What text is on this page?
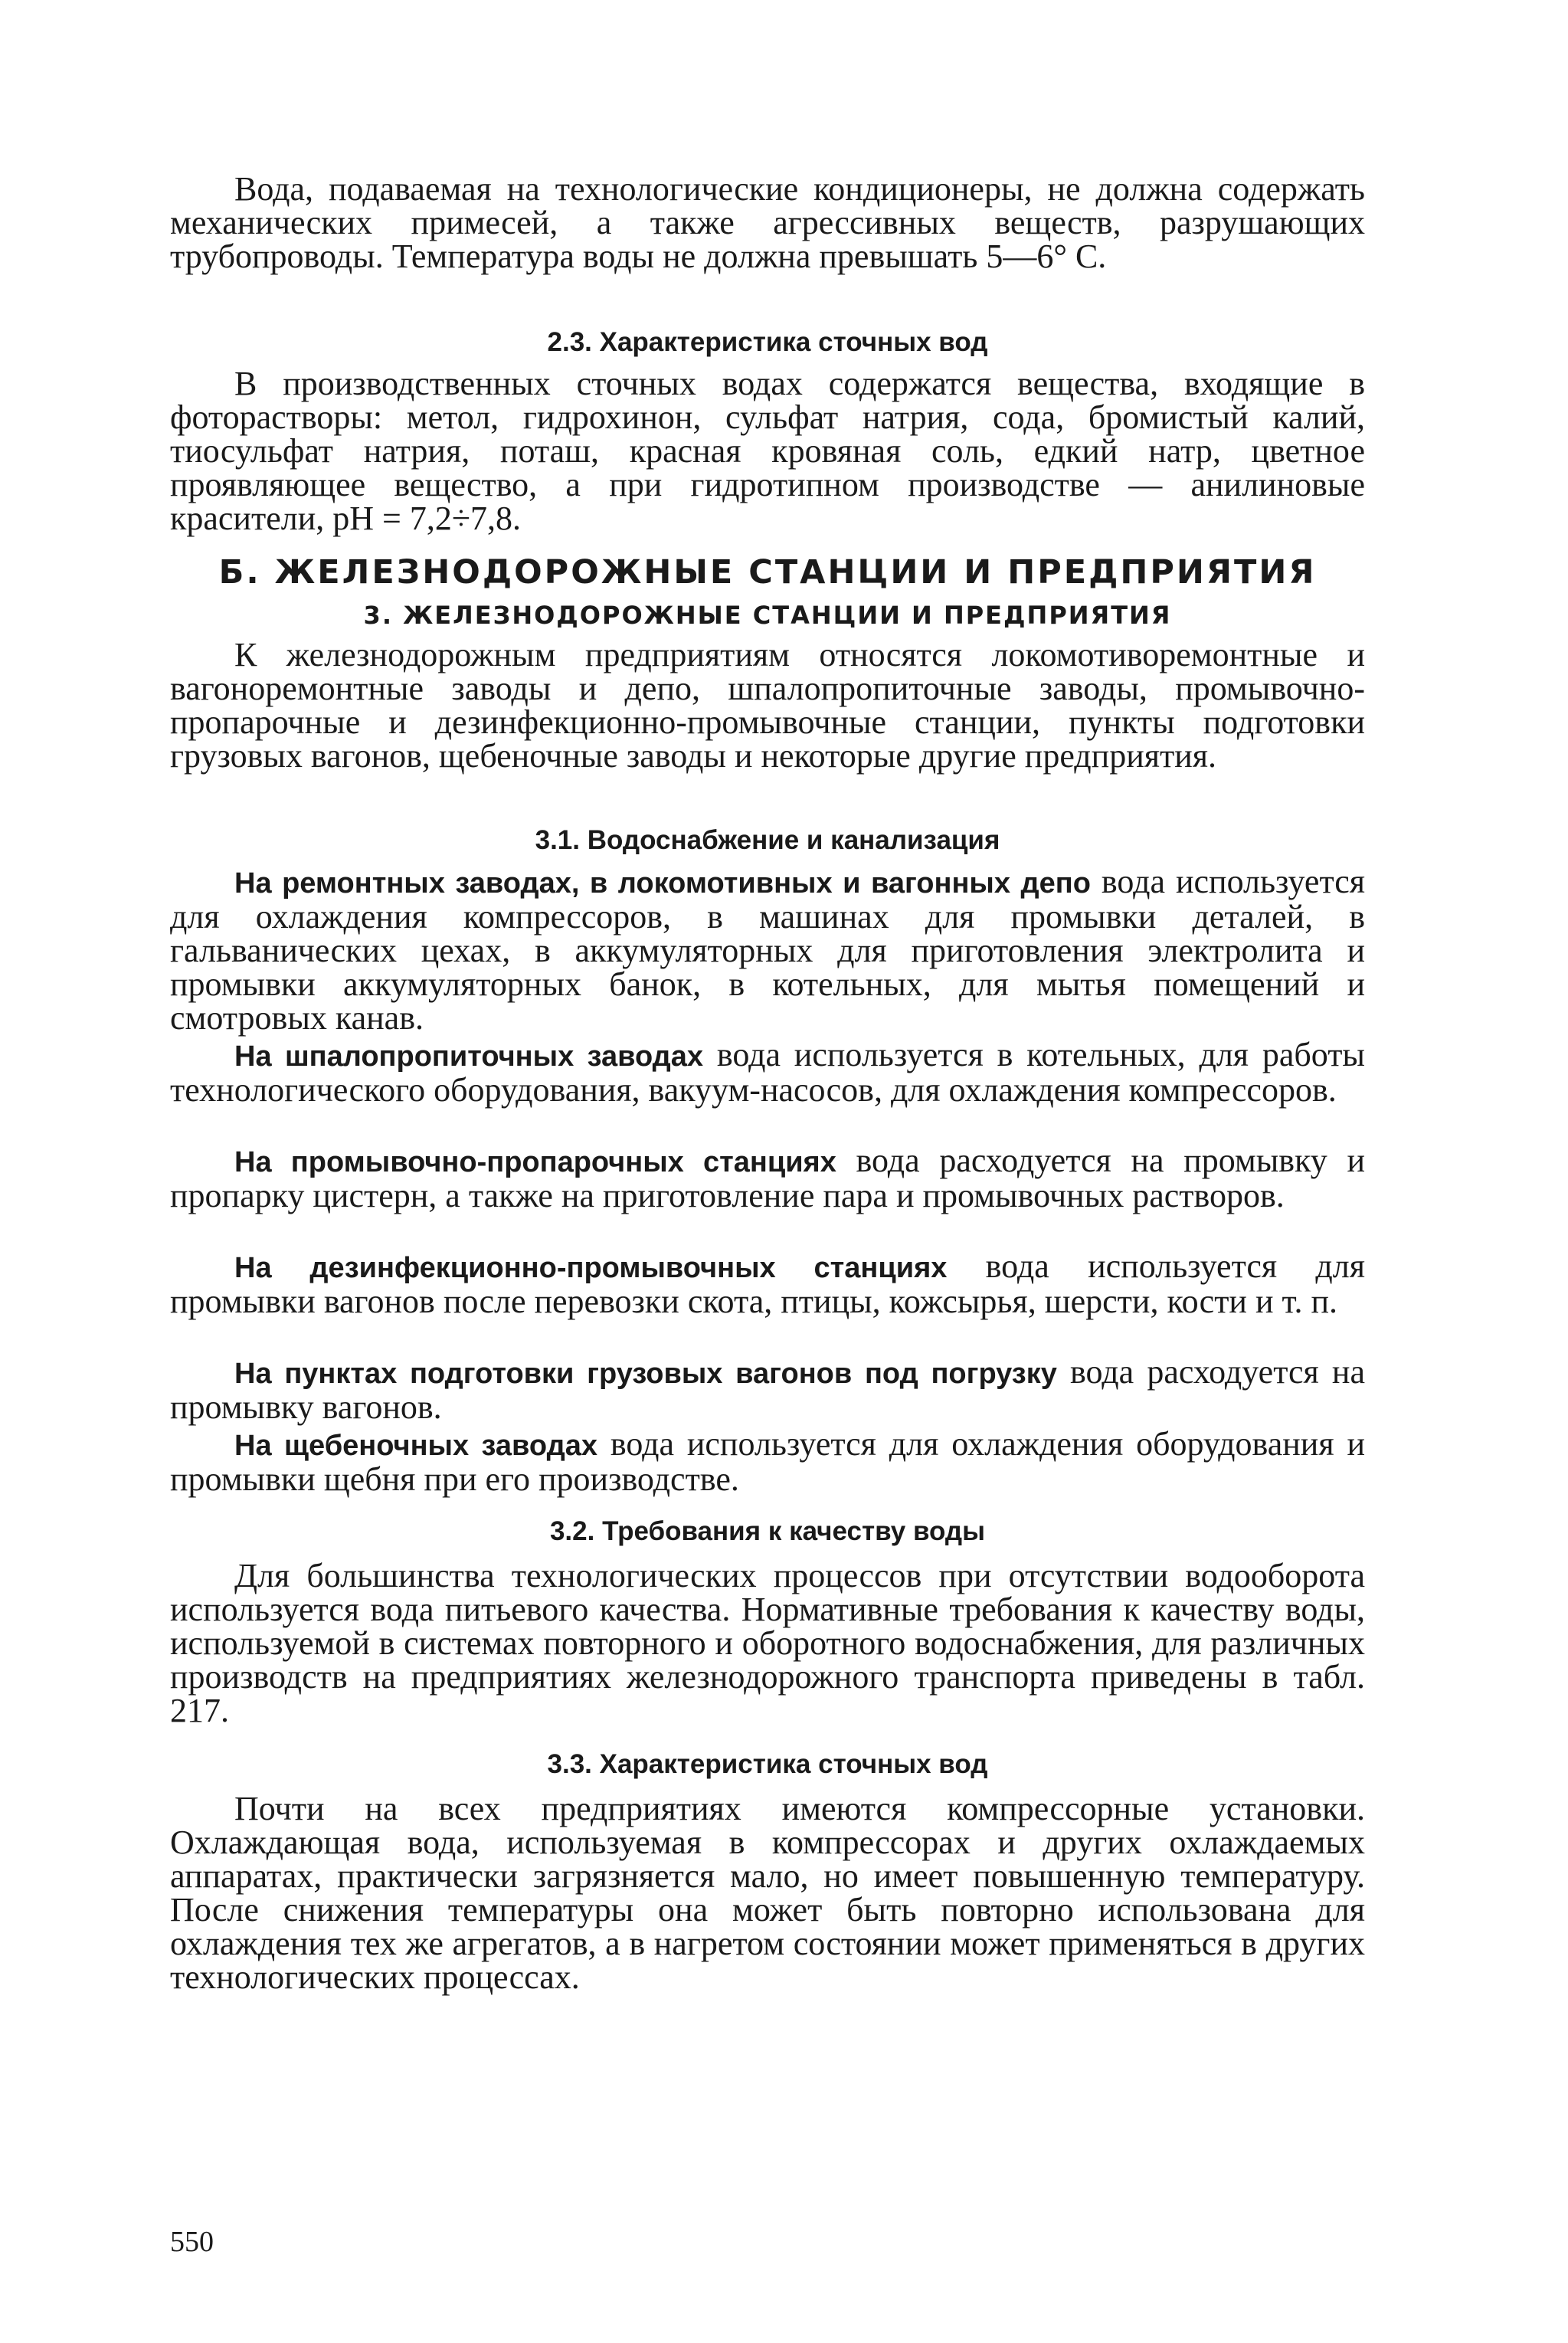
Вода, подаваемая на технологические кондиционеры, не должна содержать механических примесей, а также агрессивных веществ, разрушающих трубопроводы. Температура воды не должна превышать 5—6° С.

2.3. Характеристика сточных вод

В производственных сточных водах содержатся вещества, входящие в фоторастворы: метол, гидрохинон, сульфат натрия, сода, бромистый калий, тиосульфат натрия, поташ, красная кровяная соль, едкий натр, цветное проявляющее вещество, а при гидротипном производстве — анилиновые красители, рН = 7,2÷7,8.

Б. ЖЕЛЕЗНОДОРОЖНЫЕ СТАНЦИИ И ПРЕДПРИЯТИЯ
3. ЖЕЛЕЗНОДОРОЖНЫЕ СТАНЦИИ И ПРЕДПРИЯТИЯ

К железнодорожным предприятиям относятся локомотиворемонтные и вагоноремонтные заводы и депо, шпалопропиточные заводы, промывочно-пропарочные и дезинфекционно-промывочные станции, пункты подготовки грузовых вагонов, щебеночные заводы и некоторые другие предприятия.

3.1. Водоснабжение и канализация

На ремонтных заводах, в локомотивных и вагонных депо вода используется для охлаждения компрессоров, в машинах для промывки деталей, в гальванических цехах, в аккумуляторных для приготовления электролита и промывки аккумуляторных банок, в котельных, для мытья помещений и смотровых канав.

На шпалопропиточных заводах вода используется в котельных, для работы технологического оборудования, вакуум-насосов, для охлаждения компрессоров.

На промывочно-пропарочных станциях вода расходуется на промывку и пропарку цистерн, а также на приготовление пара и промывочных растворов.

На дезинфекционно-промывочных станциях вода используется для промывки вагонов после перевозки скота, птицы, кожсырья, шерсти, кости и т. п.

На пунктах подготовки грузовых вагонов под погрузку вода расходуется на промывку вагонов.

На щебеночных заводах вода используется для охлаждения оборудования и промывки щебня при его производстве.

3.2. Требования к качеству воды

Для большинства технологических процессов при отсутствии водооборота используется вода питьевого качества. Нормативные требования к качеству воды, используемой в системах повторного и оборотного водоснабжения, для различных производств на предприятиях железнодорожного транспорта приведены в табл. 217.

3.3. Характеристика сточных вод

Почти на всех предприятиях имеются компрессорные установки. Охлаждающая вода, используемая в компрессорах и других охлаждаемых аппаратах, практически загрязняется мало, но имеет повышенную температуру. После снижения температуры она может быть повторно использована для охлаждения тех же агрегатов, а в нагретом состоянии может применяться в других технологических процессах.

550
